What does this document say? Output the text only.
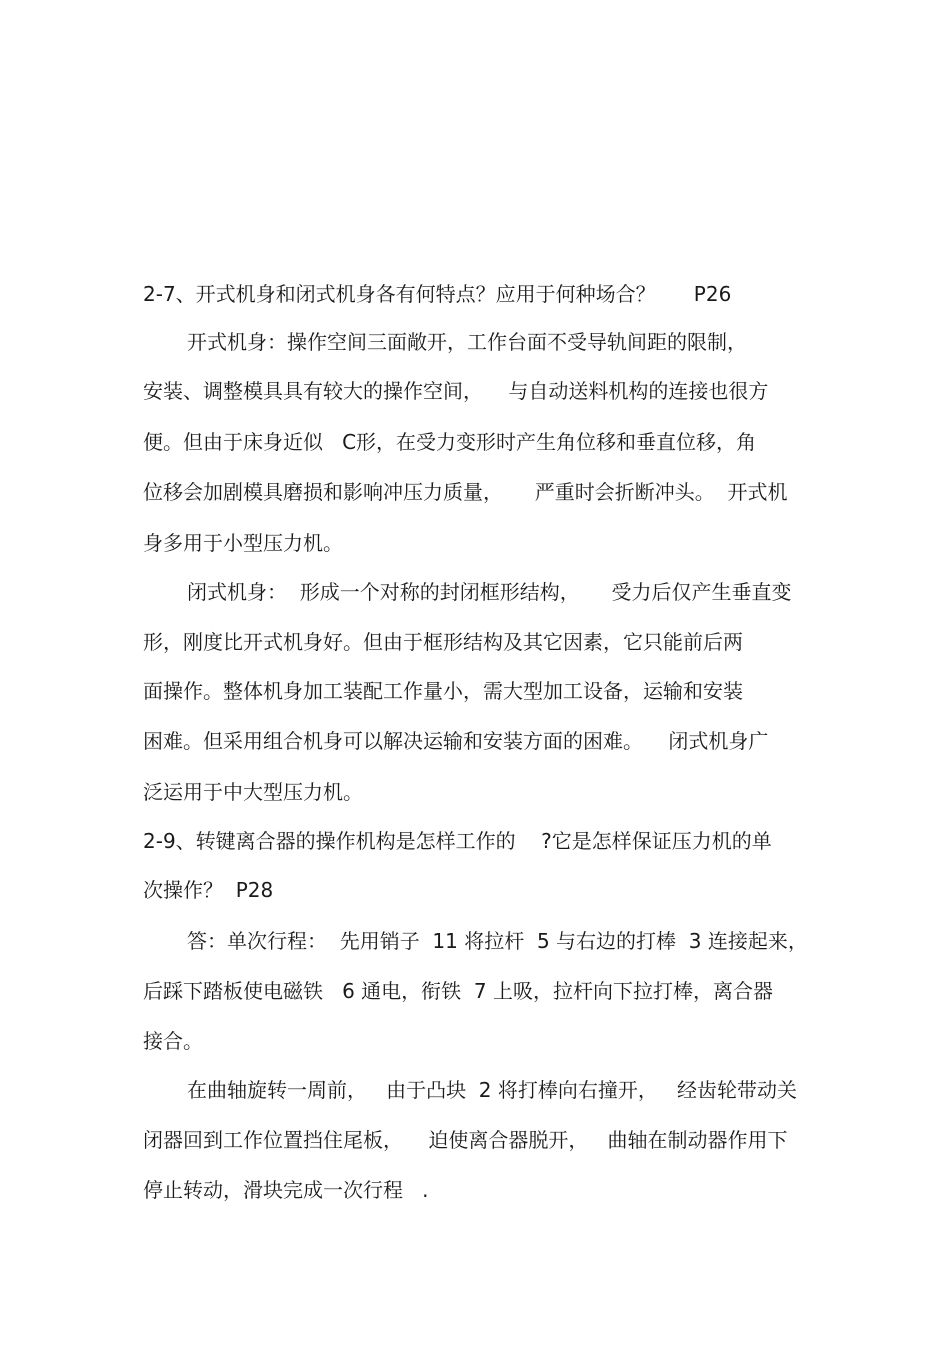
2-7、开式机身和闭式机身各有何特点？应用于何种场合？      P26
开式机身：操作空间三面敞开，工作台面不受导轨间距的限制，
安装、调整模具具有较大的操作空间，    与自动送料机构的连接也很方
便。但由于床身近似   C形，在受力变形时产生角位移和垂直位移，角
位移会加剧模具磨损和影响冲压力质量，     严重时会折断冲头。  开式机
身多用于小型压力机。
闭式机身：  形成一个对称的封闭框形结构，     受力后仅产生垂直变
形，刚度比开式机身好。但由于框形结构及其它因素，它只能前后两
面操作。整体机身加工装配工作量小，需大型加工设备，运输和安装
困难。但采用组合机身可以解决运输和安装方面的困难。    闭式机身广
泛运用于中大型压力机。
2-9、转键离合器的操作机构是怎样工作的    ?它是怎样保证压力机的单
次操作？  P28
答：单次行程：  先用销子  11 将拉杆  5 与右边的打棒  3 连接起来，
后踩下踏板使电磁铁   6 通电，衔铁  7 上吸，拉杆向下拉打棒，离合器
接合。
在曲轴旋转一周前，   由于凸块  2 将打棒向右撞开，   经齿轮带动关
闭器回到工作位置挡住尾板，    迫使离合器脱开，   曲轴在制动器作用下
停止转动，滑块完成一次行程   .
